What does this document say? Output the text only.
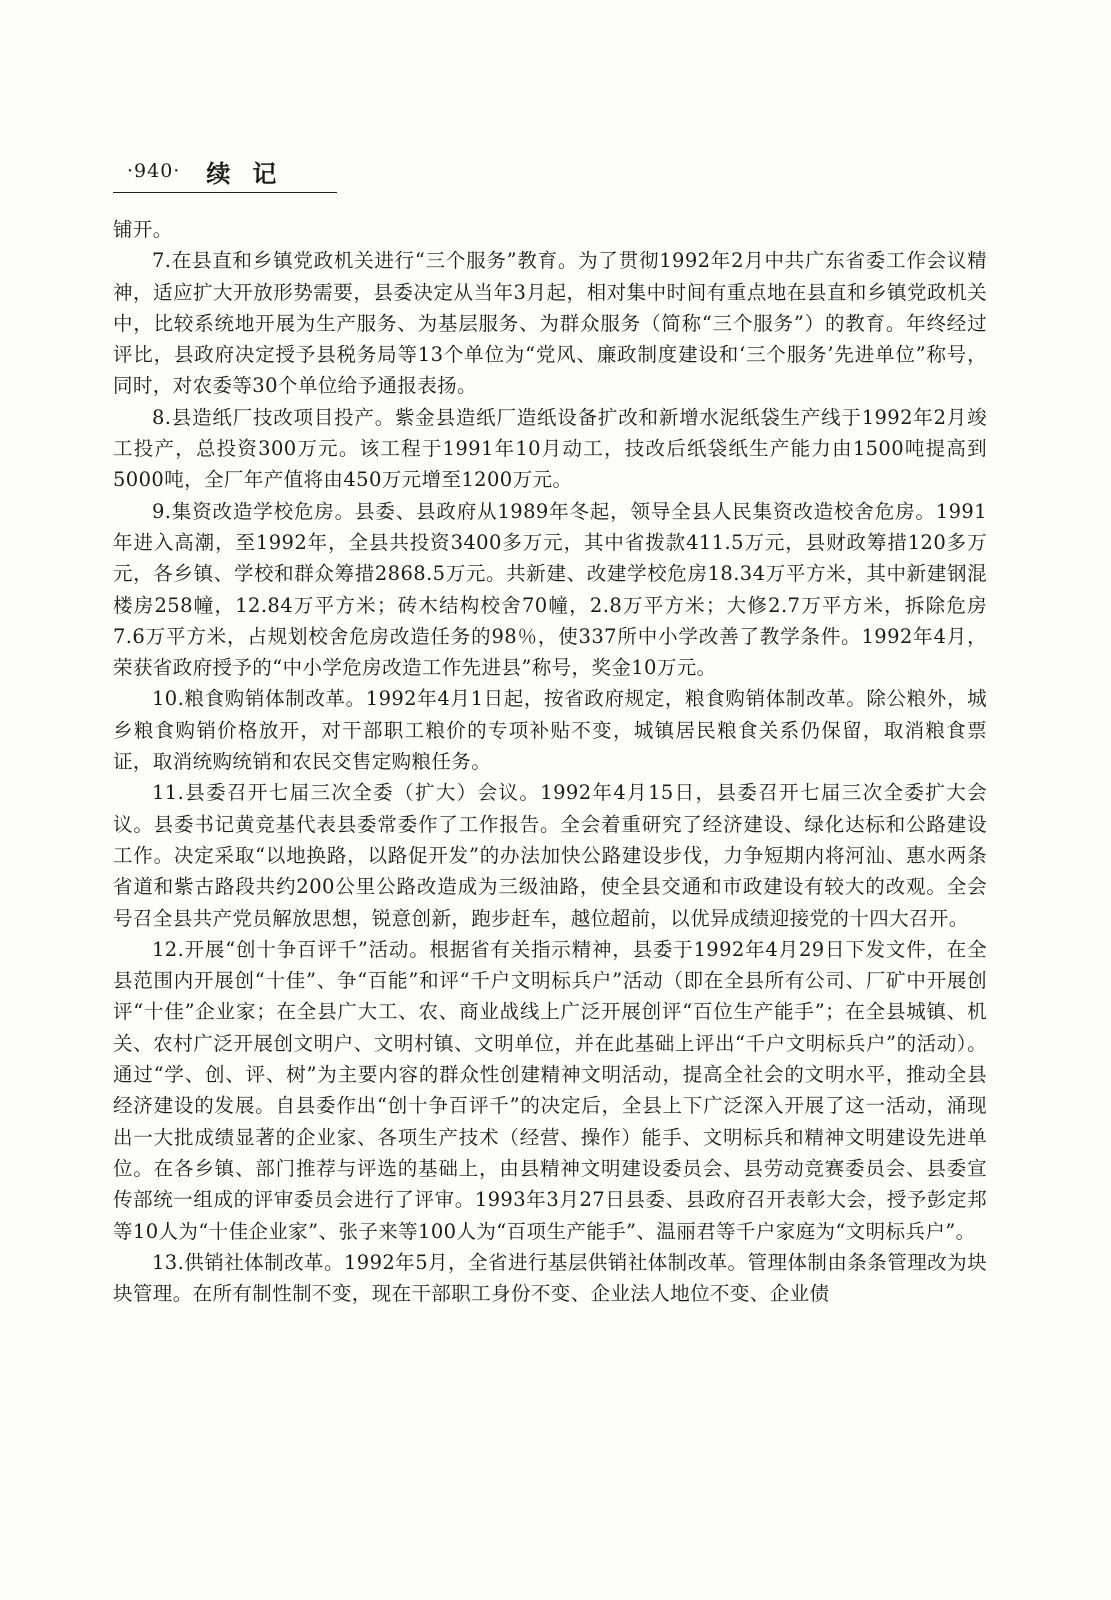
·940· 续记

铺开。

7.在县直和乡镇党政机关进行“三个服务”教育。为了贯彻1992年2月中共广东省委工作会议精神，适应扩大开放形势需要，县委决定从当年3月起，相对集中时间有重点地在县直和乡镇党政机关中，比较系统地开展为生产服务、为基层服务、为群众服务（简称“三个服务”）的教育。年终经过评比，县政府决定授予县税务局等13个单位为“党风、廉政制度建设和‘三个服务’先进单位”称号，同时，对农委等30个单位给予通报表扬。

8.县造纸厂技改项目投产。紫金县造纸厂造纸设备扩改和新增水泥纸袋生产线于1992年2月竣工投产，总投资300万元。该工程于1991年10月动工，技改后纸袋纸生产能力由1500吨提高到5000吨，全厂年产值将由450万元增至1200万元。

9.集资改造学校危房。县委、县政府从1989年冬起，领导全县人民集资改造校舍危房。1991年进入高潮，至1992年，全县共投资3400多万元，其中省拨款411.5万元，县财政筹措120多万元，各乡镇、学校和群众筹措2868.5万元。共新建、改建学校危房18.34万平方米，其中新建钢混楼房258幢，12.84万平方米；砖木结构校舍70幢，2.8万平方米；大修2.7万平方米，拆除危房7.6万平方米，占规划校舍危房改造任务的98％，使337所中小学改善了教学条件。1992年4月，荣获省政府授予的“中小学危房改造工作先进县”称号，奖金10万元。

10.粮食购销体制改革。1992年4月1日起，按省政府规定，粮食购销体制改革。除公粮外，城乡粮食购销价格放开，对干部职工粮价的专项补贴不变，城镇居民粮食关系仍保留，取消粮食票证，取消统购统销和农民交售定购粮任务。

11.县委召开七届三次全委（扩大）会议。1992年4月15日，县委召开七届三次全委扩大会议。县委书记黄竞基代表县委常委作了工作报告。全会着重研究了经济建设、绿化达标和公路建设工作。决定采取“以地换路，以路促开发”的办法加快公路建设步伐，力争短期内将河汕、惠水两条省道和紫古路段共约200公里公路改造成为三级油路，使全县交通和市政建设有较大的改观。全会号召全县共产党员解放思想，锐意创新，跑步赶车，越位超前，以优异成绩迎接党的十四大召开。

12.开展“创十争百评千”活动。根据省有关指示精神，县委于1992年4月29日下发文件，在全县范围内开展创“十佳”、争“百能”和评“千户文明标兵户”活动（即在全县所有公司、厂矿中开展创评“十佳”企业家；在全县广大工、农、商业战线上广泛开展创评“百位生产能手”；在全县城镇、机关、农村广泛开展创文明户、文明村镇、文明单位，并在此基础上评出“千户文明标兵户”的活动）。通过“学、创、评、树”为主要内容的群众性创建精神文明活动，提高全社会的文明水平，推动全县经济建设的发展。自县委作出“创十争百评千”的决定后，全县上下广泛深入开展了这一活动，涌现出一大批成绩显著的企业家、各项生产技术（经营、操作）能手、文明标兵和精神文明建设先进单位。在各乡镇、部门推荐与评选的基础上，由县精神文明建设委员会、县劳动竞赛委员会、县委宣传部统一组成的评审委员会进行了评审。1993年3月27日县委、县政府召开表彰大会，授予彭定邦等10人为“十佳企业家”、张子来等100人为“百项生产能手”、温丽君等千户家庭为“文明标兵户”。

13.供销社体制改革。1992年5月，全省进行基层供销社体制改革。管理体制由条条管理改为块块管理。在所有制性制不变，现在干部职工身份不变、企业法人地位不变、企业债
